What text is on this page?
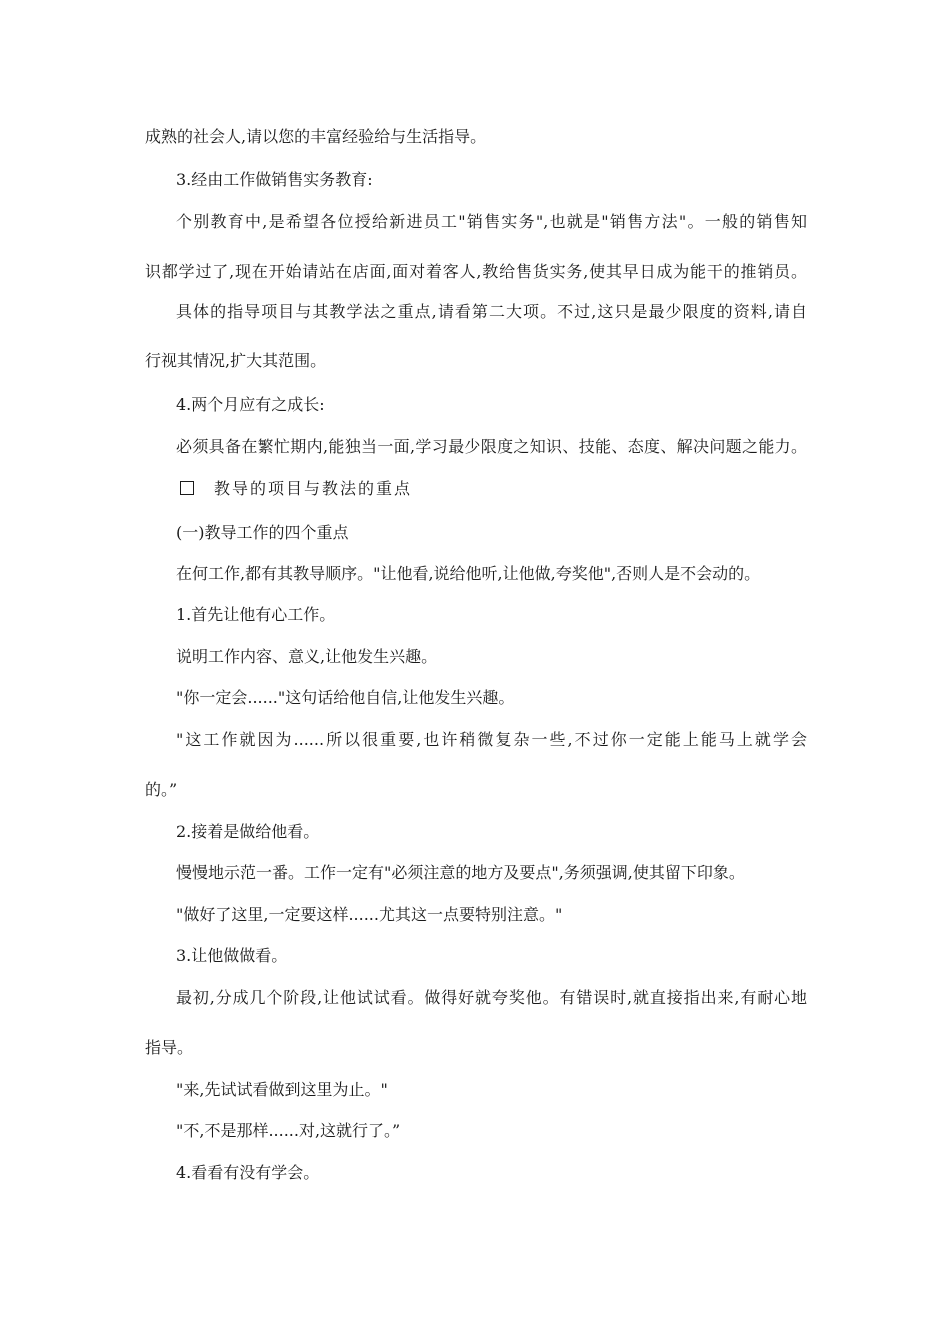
成熟的社会人,请以您的丰富经验给与生活指导。
3.经由工作做销售实务教育:
个别教育中,是希望各位授给新进员工"销售实务",也就是"销售方法"。一般的销售知
识都学过了,现在开始请站在店面,面对着客人,教给售货实务,使其早日成为能干的推销员。
具体的指导项目与其教学法之重点,请看第二大项。不过,这只是最少限度的资料,请自
行视其情况,扩大其范围。
4.两个月应有之成长:
必须具备在繁忙期内,能独当一面,学习最少限度之知识、技能、态度、解决问题之能力。
教导的项目与教法的重点
(一)教导工作的四个重点
在何工作,都有其教导顺序。"让他看,说给他听,让他做,夸奖他",否则人是不会动的。
1.首先让他有心工作。
说明工作内容、意义,让他发生兴趣。
"你一定会......"这句话给他自信,让他发生兴趣。
"这工作就因为......所以很重要,也许稍微复杂一些,不过你一定能上能马上就学会
的。”
2.接着是做给他看。
慢慢地示范一番。工作一定有"必须注意的地方及要点",务须强调,使其留下印象。
"做好了这里,一定要这样......尤其这一点要特别注意。"
3.让他做做看。
最初,分成几个阶段,让他试试看。做得好就夸奖他。有错误时,就直接指出来,有耐心地
指导。
"来,先试试看做到这里为止。"
"不,不是那样......对,这就行了。”
4.看看有没有学会。
